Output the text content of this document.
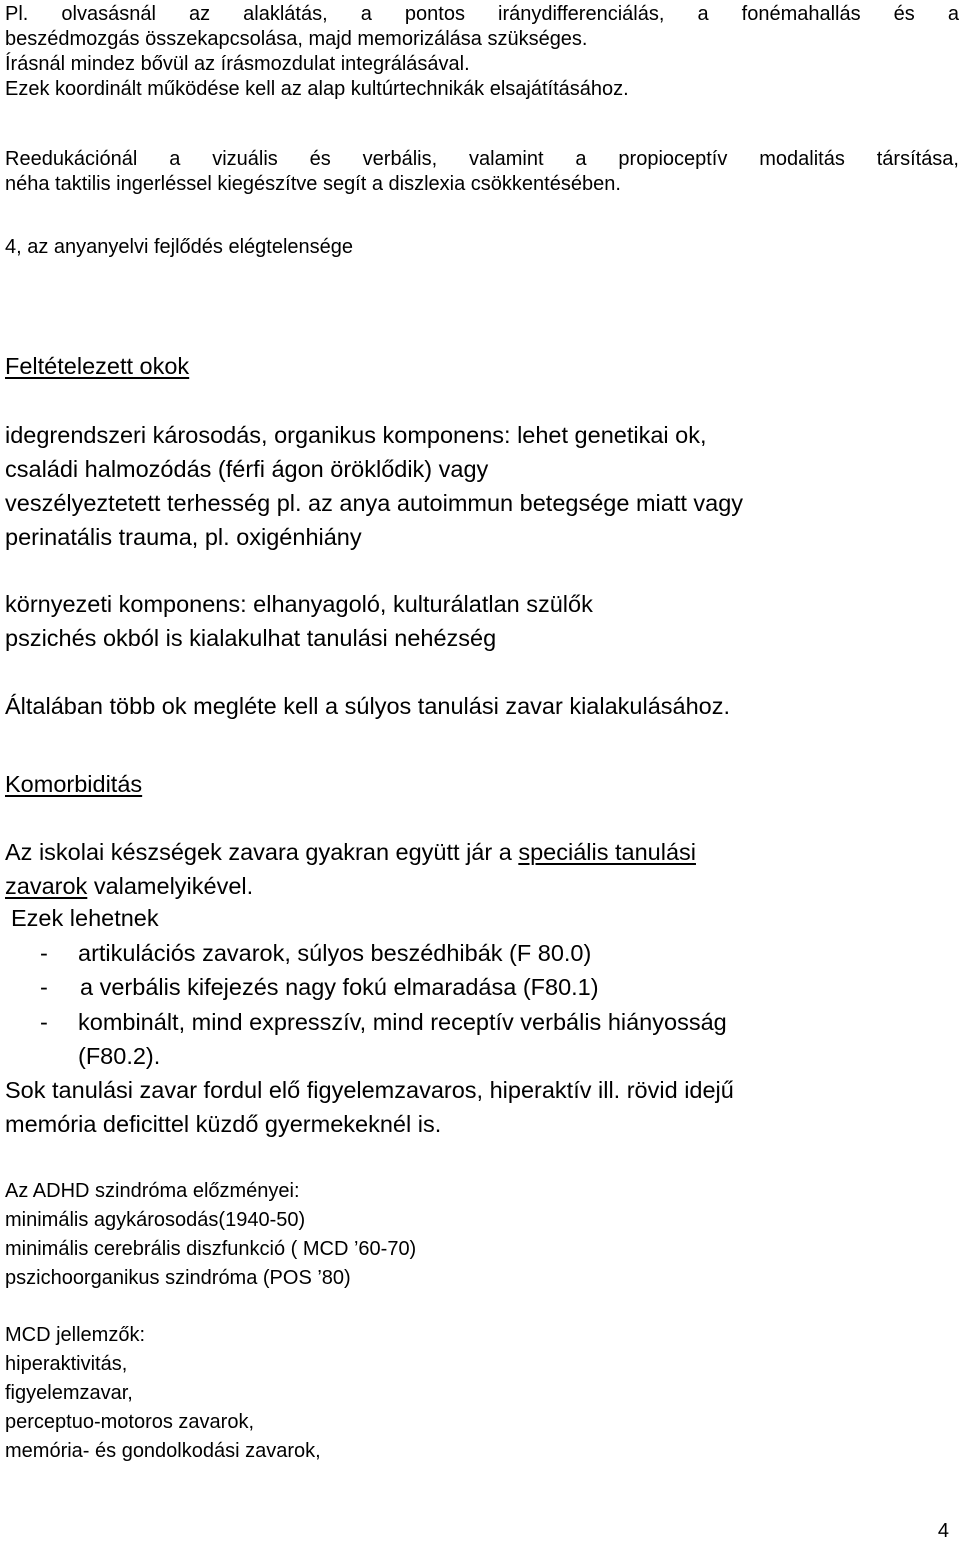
Pl. olvasásnál az alaklátás, a pontos iránydifferenciálás, a fonémahallás és a
beszédmozgás összekapcsolása, majd memorizálása szükséges.
Írásnál mindez bővül az írásmozdulat integrálásával.
Ezek koordinált működése kell az alap kultúrtechnikák elsajátításához.
Reedukációnál a vizuális és verbális, valamint a propioceptív modalitás társítása,
néha taktilis ingerléssel kiegészítve segít a diszlexia csökkentésében.
4, az anyanyelvi fejlődés elégtelensége
Feltételezett okok
idegrendszeri károsodás, organikus komponens: lehet genetikai ok,
családi halmozódás (férfi ágon öröklődik) vagy
veszélyeztetett terhesség pl. az anya autoimmun betegsége miatt vagy
perinatális trauma, pl. oxigénhiány
környezeti komponens: elhanyagoló, kulturálatlan szülők
pszichés okból is kialakulhat tanulási nehézség
Általában több ok megléte kell a súlyos tanulási zavar kialakulásához.
Komorbiditás
Az iskolai készségek zavara gyakran együtt jár a speciális tanulási
zavarok valamelyikével.
Ezek lehetnek
- artikulációs zavarok, súlyos beszédhibák (F 80.0)
- a verbális kifejezés nagy fokú elmaradása (F80.1)
- kombinált, mind expresszív, mind receptív verbális hiányosság
(F80.2).
Sok tanulási zavar fordul elő figyelemzavaros, hiperaktív ill. rövid idejű
memória deficittel küzdő gyermekeknél is.
Az ADHD szindróma előzményei:
minimális agykárosodás(1940-50)
minimális cerebrális diszfunkció ( MCD ’60-70)
pszichoorganikus szindróma (POS ’80)
MCD jellemzők:
hiperaktivitás,
figyelemzavar,
perceptuo-motoros zavarok,
memória- és gondolkodási zavarok,
4
